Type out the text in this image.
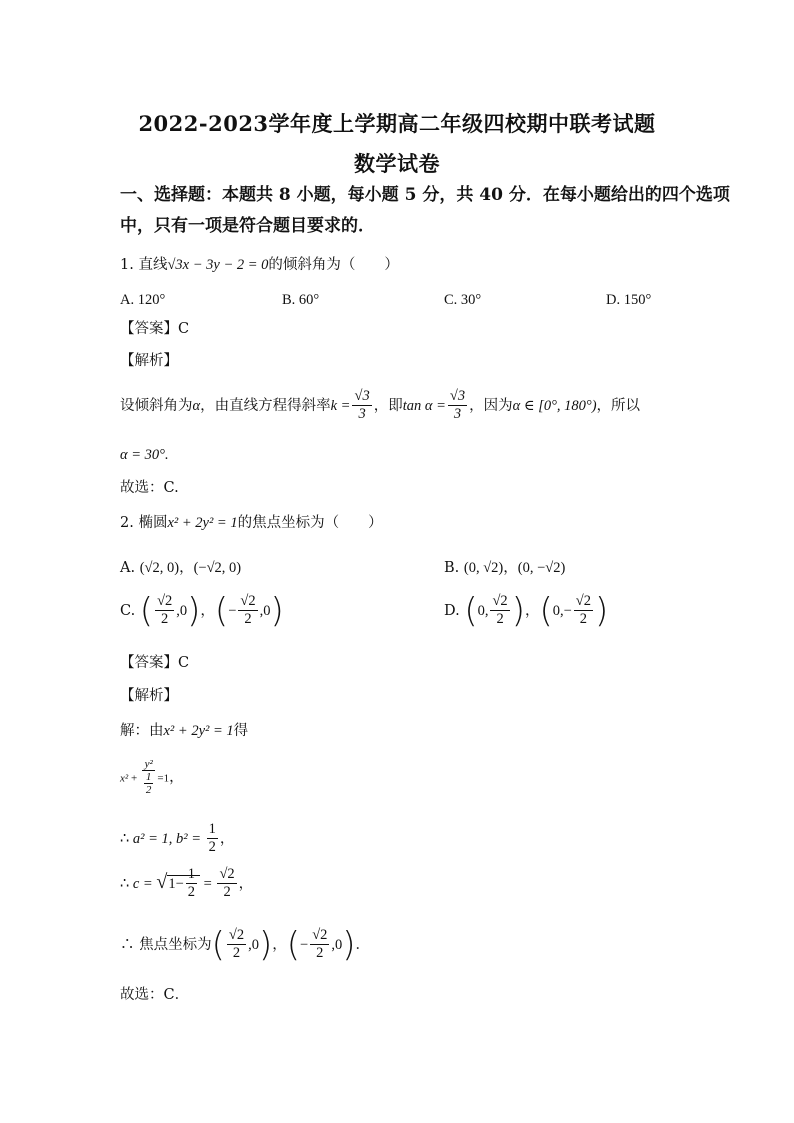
2022-2023学年度上学期高二年级四校期中联考试题
数学试卷
一、选择题：本题共 8 小题，每小题 5 分，共 40 分．在每小题给出的四个选项
中，只有一项是符合题目要求的．
1. 直线√3x − 3y − 2 = 0的倾斜角为（　　）
A. 120°	B. 60°	C. 30°	D. 150°
【答案】C
【解析】
设倾斜角为α，由直线方程得斜率$k = \frac{√3}{3}$ ，即$\tan \alpha = \frac{√3}{3}$ ，因为α ∈ [0°, 180°)，所以
α = 30°.
故选：C.
2. 椭圆x² + 2y² = 1的焦点坐标为（　　）
A. (√2, 0)，(−√2, 0)	B. (0, √2)，(0, −√2)
C. ( $\frac{√2}{2} ,0$)，(− $\frac{√2}{2} ,0$)	D. (0, $\frac{√2}{2}$ )，($0,- \frac{√2}{2}$ )
【答案】C
【解析】
解：由x² + 2y² = 1得
$x^2 + \frac{\text{y²}}{\frac{1}{2}} =1$，
∴ a² = 1, $b^2 = \frac{1}{2}$ ，
∴ $c = √1- \frac{1}{2} = \frac{√2}{2}$ ，
∴ 焦点坐标为( $\frac{√2}{2} ,0$)，(− $\frac{√2}{2} ,0$)．
故选：C．
